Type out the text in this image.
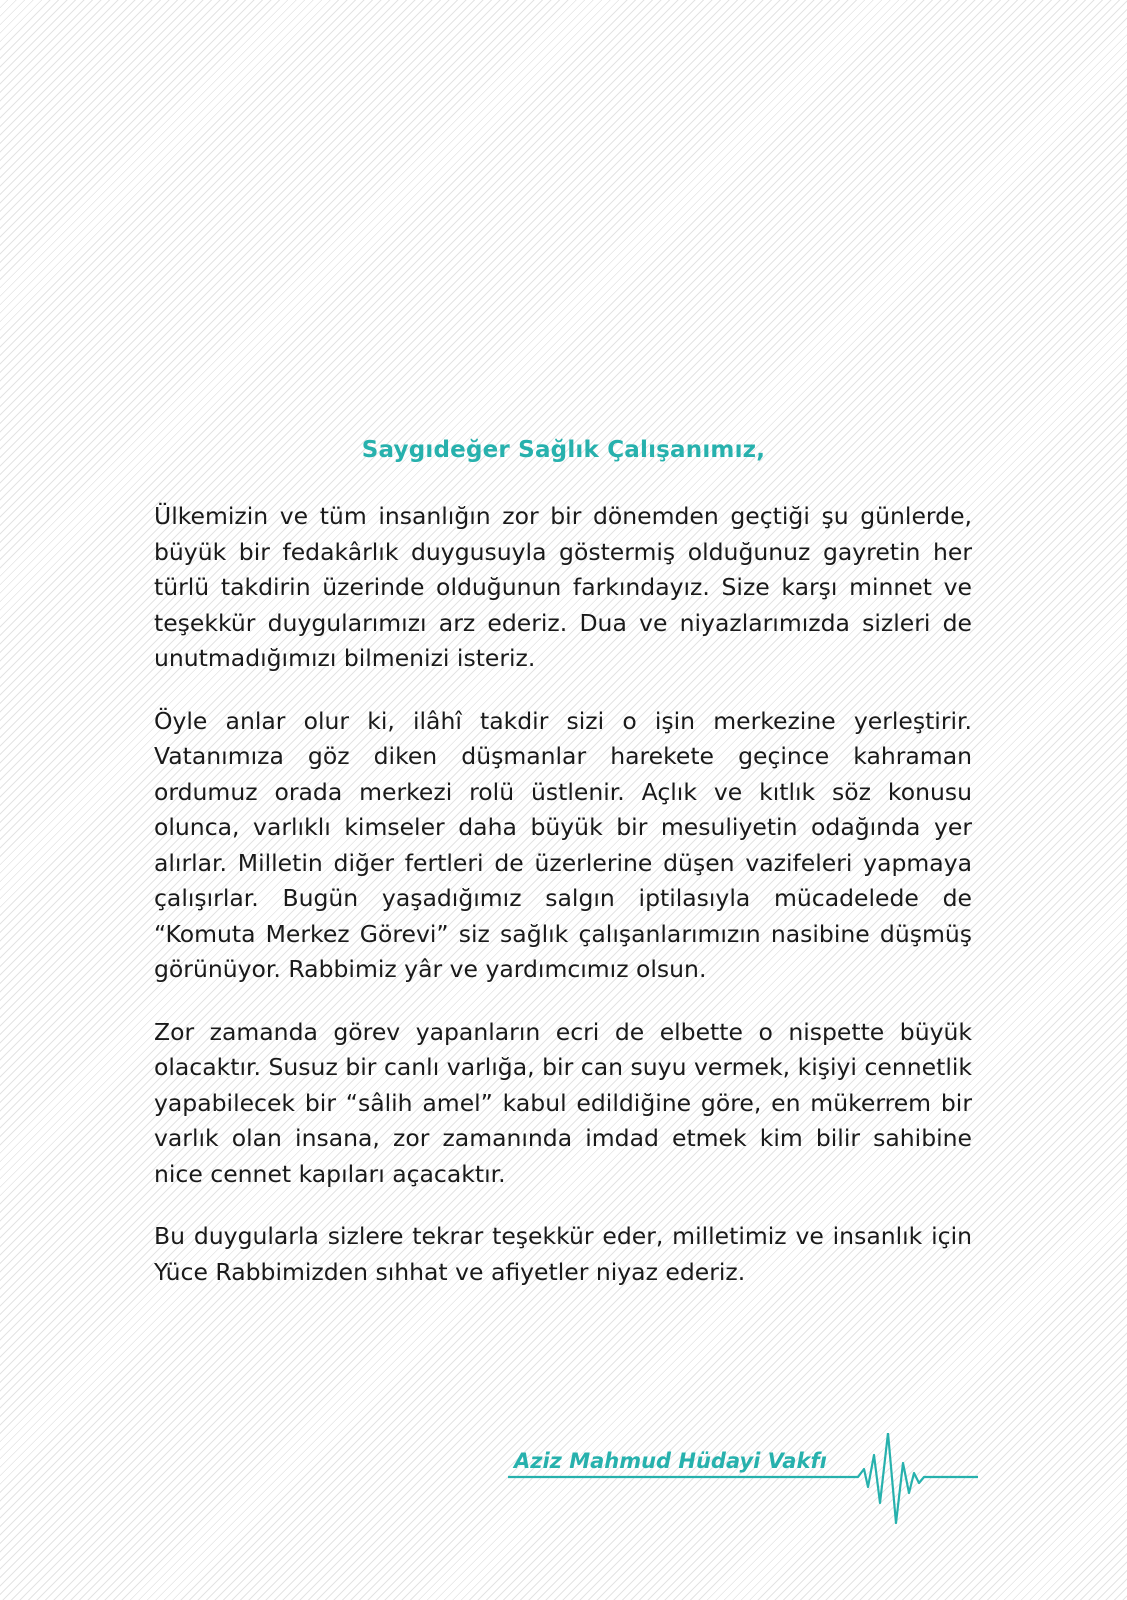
Saygıdeğer Sağlık Çalışanımız,

Ülkemizin ve tüm insanlığın zor bir dönemden geçtiği şu günlerde, büyük bir fedakârlık duygusuyla göstermiş olduğunuz gayretin her türlü takdirin üzerinde olduğunun farkındayız. Size karşı minnet ve teşekkür duygularımızı arz ederiz. Dua ve niyazlarımızda sizleri de unutmadığımızı bilmenizi isteriz.

Öyle anlar olur ki, ilâhî takdir sizi o işin merkezine yerleştirir. Vatanımıza göz diken düşmanlar harekete geçince kahraman ordumuz orada merkezi rolü üstlenir. Açlık ve kıtlık söz konusu olunca, varlıklı kimseler daha büyük bir mesuliyetin odağında yer alırlar. Milletin diğer fertleri de üzerlerine düşen vazifeleri yapmaya çalışırlar. Bugün yaşadığımız salgın iptilasıyla mücadelede de “Komuta Merkez Görevi” siz sağlık çalışanlarımızın nasibine düşmüş görünüyor. Rabbimiz yâr ve yardımcımız olsun.

Zor zamanda görev yapanların ecri de elbette o nispette büyük olacaktır. Susuz bir canlı varlığa, bir can suyu vermek, kişiyi cennetlik yapabilecek bir “sâlih amel” kabul edildiğine göre, en mükerrem bir varlık olan insana, zor zamanında imdad etmek kim bilir sahibine nice cennet kapıları açacaktır.

Bu duygularla sizlere tekrar teşekkür eder, milletimiz ve insanlık için Yüce Rabbimizden sıhhat ve afiyetler niyaz ederiz.

Aziz Mahmud Hüdayi Vakfı
